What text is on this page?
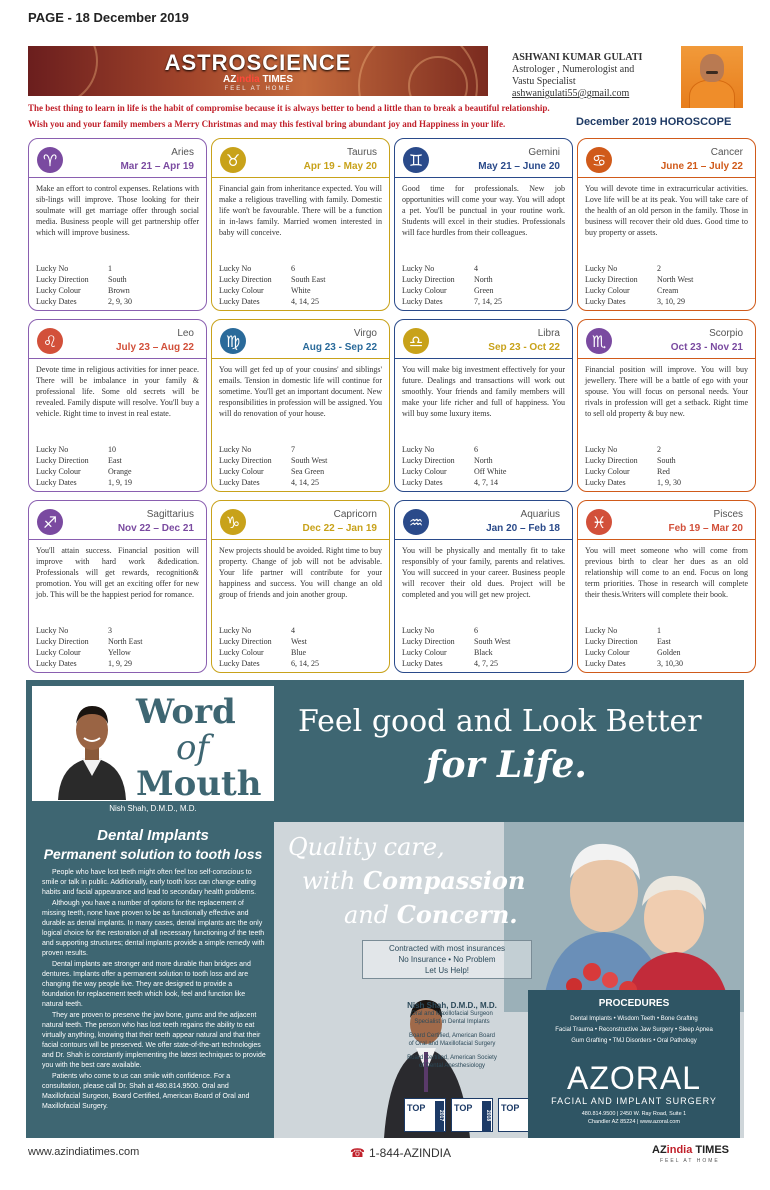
PAGE - 18 December 2019
ASTROSCIENCE
AZindia TIMES
FEEL AT HOME
ASHWANI KUMAR GULATI
Astrologer , Numerologist and
Vastu Specialist
ashwanigulati55@gmail.com
The best thing to learn in life is the habit of compromise because it is always better to bend a little than to break a beautiful relationship.
Wish you and your family members a Merry Christmas and may this festival bring abundant joy and Happiness in your life.	December 2019 HOROSCOPE
♈	Aries
Mar 21 – Apr 19
Make an effort to control expenses. Relations with sib-lings will improve. Those looking for their soulmate will get marriage offer through social media. Business people will get partnership offer which will improve business.
Lucky No	1
Lucky Direction	South
Lucky Colour	Brown
Lucky Dates	2, 9, 30
♉	Taurus
Apr 19 - May 20
Financial gain from inheritance expected. You will make a religious travelling with family. Domestic life won't be favourable. There will be a function in in-laws family. Married women interested in baby will conceive.
Lucky No	6
Lucky Direction	South East
Lucky Colour	White
Lucky Dates	4, 14, 25
♊	Gemini
May 21 – June 20
Good time for professionals. New job opportunities will come your way. You will adopt a pet. You'll be punctual in your routine work. Students will excel in their studies. Professionals will face hurdles from their colleagues.
Lucky No	4
Lucky Direction	North
Lucky Colour	Green
Lucky Dates	7, 14, 25
♋	Cancer
June 21 – July 22
You will devote time in extracurricular activities. Love life will be at its peak. You will take care of the health of an old person in the family. Those in business will recover their old dues. Good time to buy property or assets.
Lucky No	2
Lucky Direction	North West
Lucky Colour	Cream
Lucky Dates	3, 10, 29
♌	Leo
July 23 – Aug 22
Devote time in religious activities for inner peace. There will be imbalance in your family & professional life. Some old secrets will be revealed. Family dispute will resolve. You'll buy a vehicle. Right time to invest in real estate.
Lucky No	10
Lucky Direction	East
Lucky Colour	Orange
Lucky Dates	1, 9, 19
♍	Virgo
Aug 23 - Sep 22
You will get fed up of your cousins' and siblings' emails. Tension in domestic life will continue for sometime. You'll get an important document. New responsibilities in profession will be assigned. You will do renovation of your house.
Lucky No	7
Lucky Direction	South West
Lucky Colour	Sea Green
Lucky Dates	4, 14, 25
♎	Libra
Sep 23 - Oct 22
You will make big investment effectively for your future. Dealings and transactions will work out smoothly. Your friends and family members will make your life richer and full of happiness. You will buy some luxury items.
Lucky No	6
Lucky Direction	North
Lucky Colour	Off White
Lucky Dates	4, 7, 14
♏	Scorpio
Oct 23 - Nov 21
Financial position will improve. You will buy jewellery. There will be a battle of ego with your spouse. You will focus on personal needs. Your rivals in profession will get a setback. Right time to sell old property & buy new.
Lucky No	2
Lucky Direction	South
Lucky Colour	Red
Lucky Dates	1, 9, 30
♐	Sagittarius
Nov 22 – Dec 21
You'll attain success. Financial position will improve with hard work &dedication. Professionals will get rewards, recognition& promotion. You will get an exciting offer for new job. This will be the happiest period for romance.
Lucky No	3
Lucky Direction	North East
Lucky Colour	Yellow
Lucky Dates	1, 9, 29
♑	Capricorn
Dec 22 – Jan 19
New projects should be avoided. Right time to buy property. Change of job will not be advisable. Your life partner will contribute for your happiness and success. You will change an old group of friends and join another group.
Lucky No	4
Lucky Direction	West
Lucky Colour	Blue
Lucky Dates	6, 14, 25
♒	Aquarius
Jan 20 – Feb 18
You will be physically and mentally fit to take responsibly of your family, parents and relatives. You will succeed in your career. Business people will recover their old dues. Project will be completed and you will get new project.
Lucky No	6
Lucky Direction	South West
Lucky Colour	Black
Lucky Dates	4, 7, 25
♓	Pisces
Feb 19 – Mar 20
You will meet someone who will come from previous birth to clear her dues as an old relationship will come to an end. Focus on long term priorities. Those in research will complete their thesis.Writers will complete their book.
Lucky No	1
Lucky Direction	East
Lucky Colour	Golden
Lucky Dates	3, 10,30
Word
of
Mouth
Nish Shah, D.M.D., M.D.
Dental Implants
Permanent solution to tooth loss

People who have lost teeth might often feel too self-conscious to smile or talk in public. Additionally, early tooth loss can change eating habits and facial appearance and lead to secondary health problems.

Although you have a number of options for the replacement of missing teeth, none have proven to be as functionally effective and durable as dental implants. In many cases, dental implants are the only logical choice for the restoration of all necessary functioning of the teeth and supporting structures; dental implants provide a simple remedy with proven results.

Dental implants are stronger and more durable than bridges and dentures. Implants offer a permanent solution to tooth loss and are changing the way people live. They are designed to provide a foundation for replacement teeth which look, feel and function like natural teeth.

They are proven to preserve the jaw bone, gums and the adjacent natural teeth. The person who has lost teeth regains the ability to eat virtually anything, knowing that their teeth appear natural and that their facial contours will be preserved. We offer state-of-the-art technologies and Dr. Shah is constantly implementing the latest techniques to provide you with the best care available.

Patients who come to us can smile with confidence. For a consultation, please call Dr. Shah at 480.814.9500. Oral and Maxillofacial Surgeon, Board Certified, American Board of Oral and Maxillofacial Surgery.

Feel good and Look Better
for Life.
Quality care,
with Compassion
and Concern.
Contracted with most insurances
No Insurance • No Problem
Let Us Help!
Nish Shah, D.M.D., M.D.
Oral and Maxillofacial Surgeon
Specialist in Dental Implants
Board Certified, American Board
of Oral and Maxillofacial Surgery
Board Certified, American Society
of Dental Anesthesiology
TOP
2017
TOP
2018
TOP
PROCEDURES
Dental Implants • Wisdom Teeth • Bone Grafting
Facial Trauma • Reconstructive Jaw Surgery • Sleep Apnea
Gum Grafting • TMJ Disorders • Oral Pathology
AZORAL
FACIAL AND IMPLANT SURGERY
480.814.9500 | 2450 W. Ray Road, Suite 1
Chandler AZ 85224 | www.azoral.com
www.azindiatimes.com	☎ 1-844-AZINDIA	AZindia TIMES
FEEL AT HOME
